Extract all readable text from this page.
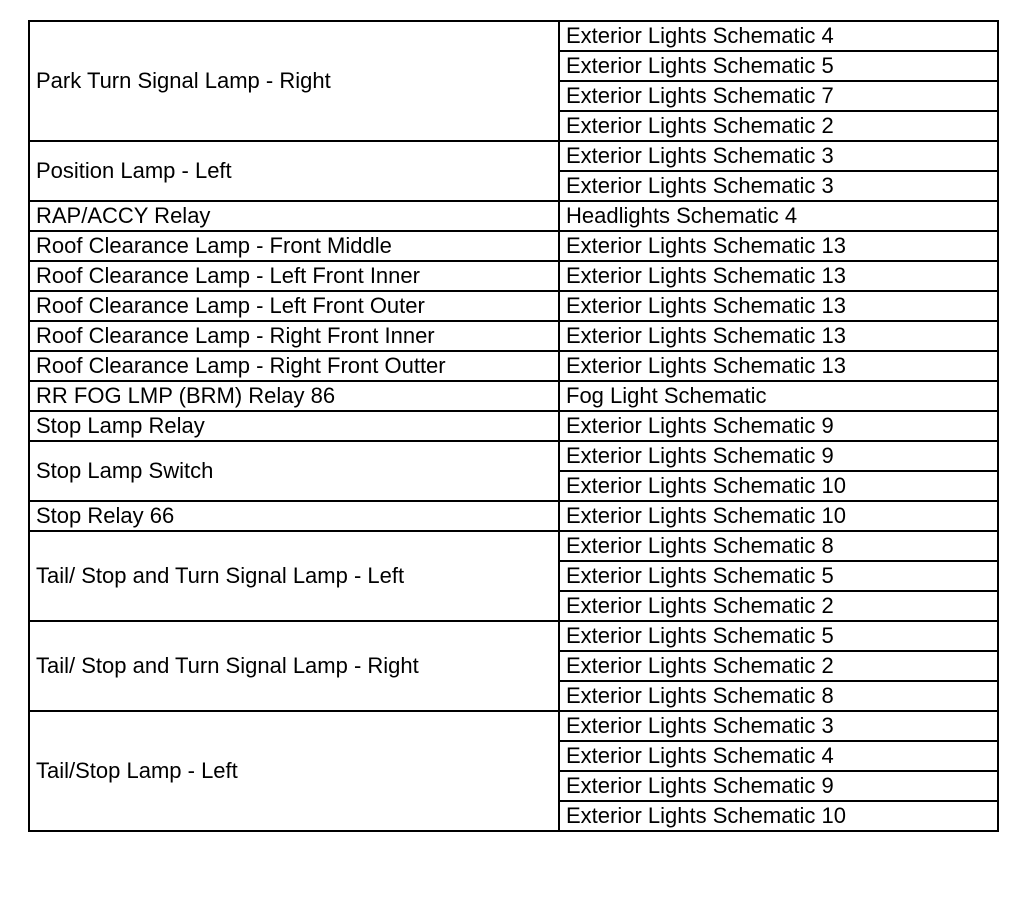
Park Turn Signal Lamp - Right	Exterior Lights Schematic 4
	Exterior Lights Schematic 5
	Exterior Lights Schematic 7
	Exterior Lights Schematic 2
Position Lamp - Left	Exterior Lights Schematic 3
	Exterior Lights Schematic 3
RAP/ACCY Relay	Headlights Schematic 4
Roof Clearance Lamp - Front Middle	Exterior Lights Schematic 13
Roof Clearance Lamp - Left Front Inner	Exterior Lights Schematic 13
Roof Clearance Lamp - Left Front Outer	Exterior Lights Schematic 13
Roof Clearance Lamp - Right Front Inner	Exterior Lights Schematic 13
Roof Clearance Lamp - Right Front Outter	Exterior Lights Schematic 13
RR FOG LMP (BRM) Relay 86	Fog Light Schematic
Stop Lamp Relay	Exterior Lights Schematic 9
Stop Lamp Switch	Exterior Lights Schematic 9
	Exterior Lights Schematic 10
Stop Relay 66	Exterior Lights Schematic 10
Tail/ Stop and Turn Signal Lamp - Left	Exterior Lights Schematic 8
	Exterior Lights Schematic 5
	Exterior Lights Schematic 2
Tail/ Stop and Turn Signal Lamp - Right	Exterior Lights Schematic 5
	Exterior Lights Schematic 2
	Exterior Lights Schematic 8
Tail/Stop Lamp - Left	Exterior Lights Schematic 3
	Exterior Lights Schematic 4
	Exterior Lights Schematic 9
	Exterior Lights Schematic 10
